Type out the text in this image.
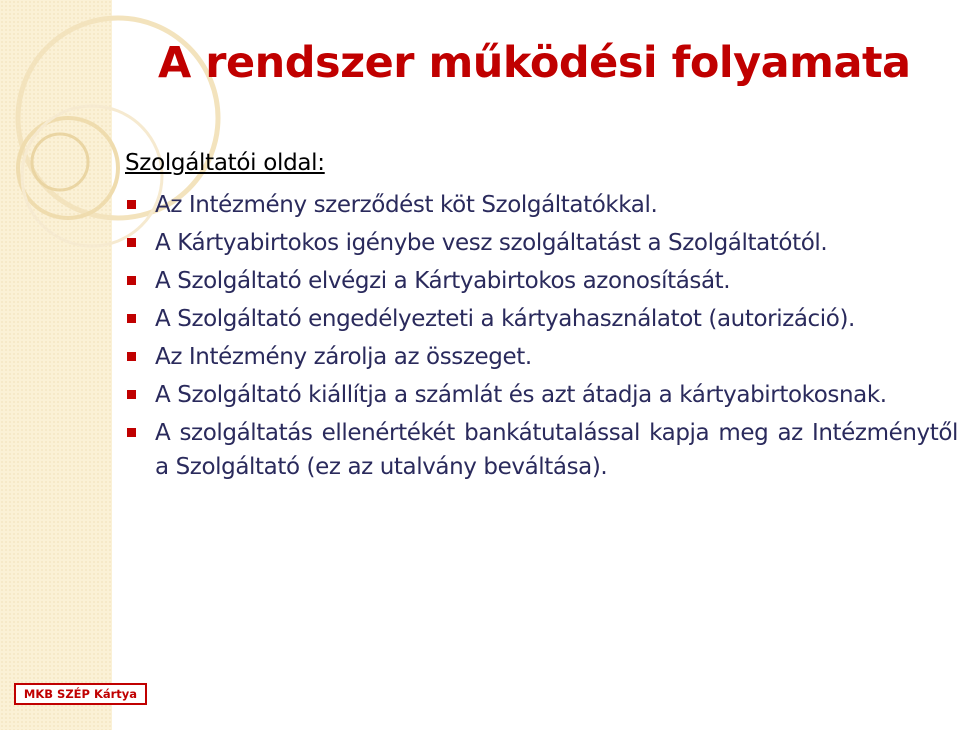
A rendszer működési folyamata
Szolgáltatói oldal:
Az Intézmény szerződést köt Szolgáltatókkal.
A Kártyabirtokos igénybe vesz szolgáltatást a Szolgáltatótól.
A Szolgáltató elvégzi a Kártyabirtokos azonosítását.
A Szolgáltató engedélyezteti a kártyahasználatot (autorizáció).
Az Intézmény zárolja az összeget.
A Szolgáltató kiállítja a számlát és azt átadja a kártyabirtokosnak.
A szolgáltatás ellenértékét bankátutalással kapja meg az Intézménytől a Szolgáltató (ez az utalvány beváltása).
MKB SZÉP Kártya
